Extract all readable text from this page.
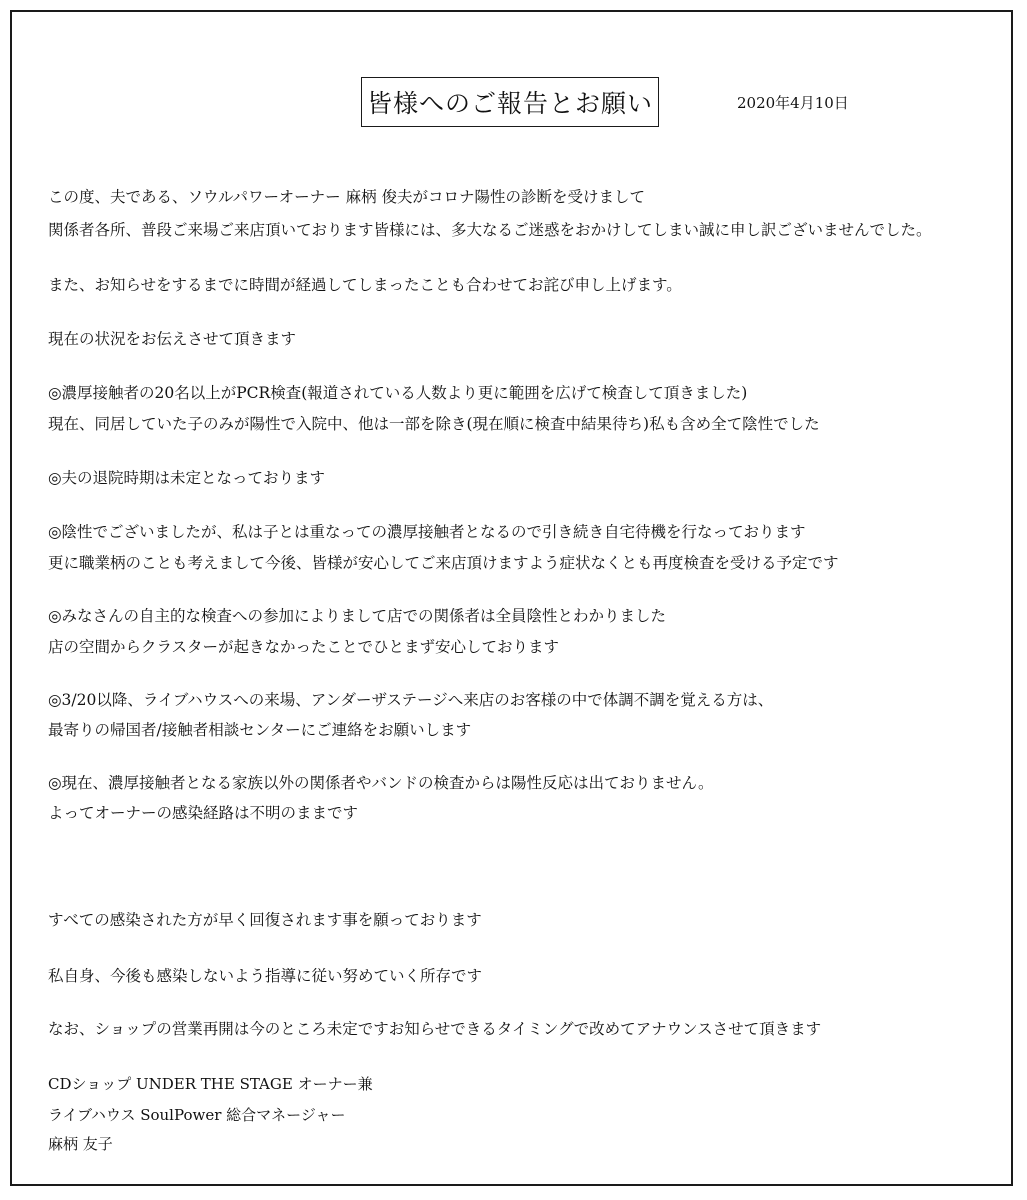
皆様へのご報告とお願い	2020年4月10日
この度、夫である、ソウルパワーオーナー 麻柄 俊夫がコロナ陽性の診断を受けまして
関係者各所、普段ご来場ご来店頂いております皆様には、多大なるご迷惑をおかけしてしまい誠に申し訳ございませんでした。
また、お知らせをするまでに時間が経過してしまったことも合わせてお詫び申し上げます。
現在の状況をお伝えさせて頂きます
◎濃厚接触者の20名以上がPCR検査(報道されている人数より更に範囲を広げて検査して頂きました)
現在、同居していた子のみが陽性で入院中、他は一部を除き(現在順に検査中結果待ち)私も含め全て陰性でした
◎夫の退院時期は未定となっております
◎陰性でございましたが、私は子とは重なっての濃厚接触者となるので引き続き自宅待機を行なっております
更に職業柄のことも考えまして今後、皆様が安心してご来店頂けますよう症状なくとも再度検査を受ける予定です
◎みなさんの自主的な検査への参加によりまして店での関係者は全員陰性とわかりました
店の空間からクラスターが起きなかったことでひとまず安心しております
◎3/20以降、ライブハウスへの来場、アンダーザステージへ来店のお客様の中で体調不調を覚える方は、
最寄りの帰国者/接触者相談センターにご連絡をお願いします
◎現在、濃厚接触者となる家族以外の関係者やバンドの検査からは陽性反応は出ておりません。
よってオーナーの感染経路は不明のままです
すべての感染された方が早く回復されます事を願っております
私自身、今後も感染しないよう指導に従い努めていく所存です
なお、ショップの営業再開は今のところ未定ですお知らせできるタイミングで改めてアナウンスさせて頂きます
CDショップ UNDER THE STAGE オーナー兼
ライブハウス SoulPower 総合マネージャー
麻柄 友子
